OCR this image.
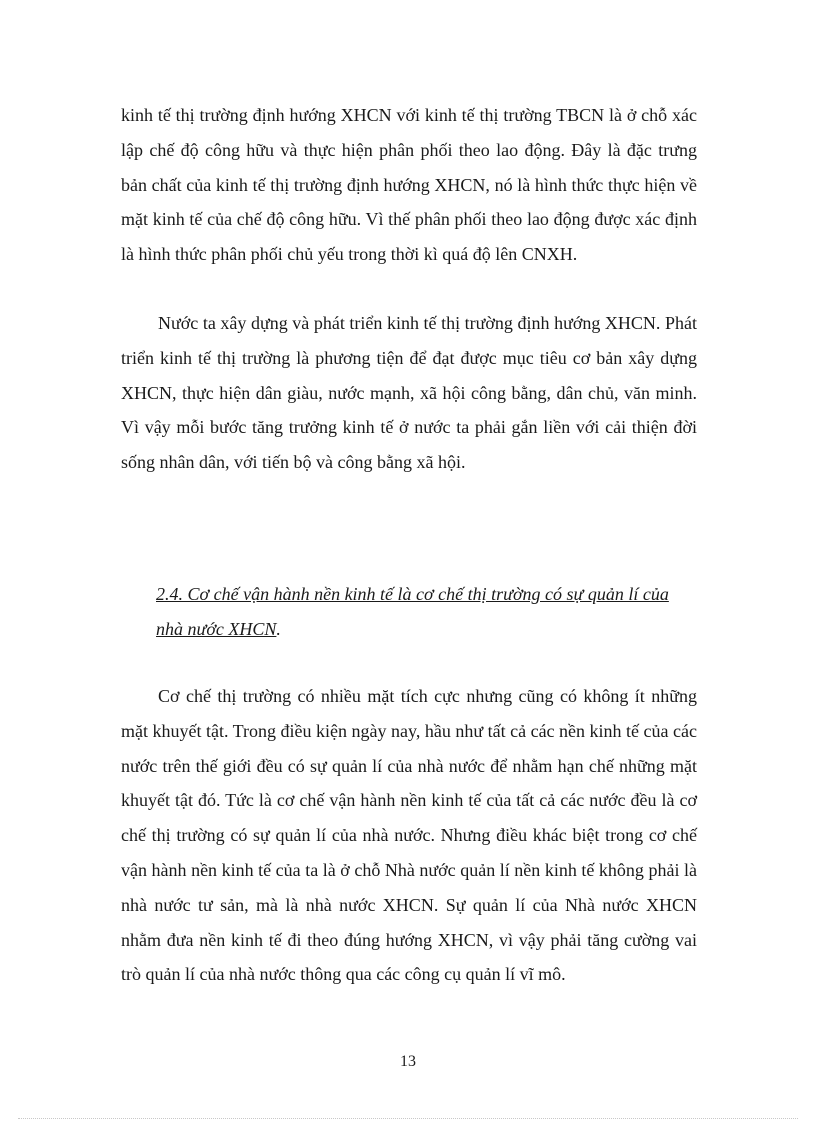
kinh tế thị trường định hướng XHCN với kinh tế thị trường TBCN là ở chỗ xác lập chế độ công hữu và thực hiện phân phối theo lao động. Đây là đặc trưng bản chất của kinh tế thị trường định hướng XHCN, nó là hình thức thực hiện về mặt kinh tế của chế độ công hữu. Vì thế phân phối theo lao động được xác định là hình thức phân phối chủ yếu trong thời kì quá độ lên CNXH.

Nước ta xây dựng và phát triển kinh tế thị trường định hướng XHCN. Phát triển kinh tế thị trường là phương tiện để đạt được mục tiêu cơ bản xây dựng XHCN, thực hiện dân giàu, nước mạnh, xã hội công bằng, dân chủ, văn minh. Vì vậy mỗi bước tăng trưởng kinh tế ở nước ta phải gắn liền với cải thiện đời sống nhân dân, với tiến bộ và công bằng xã hội.

2.4. Cơ chế vận hành nền kinh tế là cơ chế thị trường có sự quản lí của

nhà nước XHCN.

Cơ chế thị trường có nhiều mặt tích cực nhưng cũng có không ít những mặt khuyết tật. Trong điều kiện ngày nay, hầu như tất cả các nền kinh tế của các nước trên thế giới đều có sự quản lí của nhà nước để nhằm hạn chế những mặt khuyết tật đó. Tức là cơ chế vận hành nền kinh tế của tất cả các nước đều là cơ chế thị trường có sự quản lí của nhà nước. Nhưng điều khác biệt trong cơ chế vận hành nền kinh tế của ta là ở chỗ Nhà nước quản lí nền kinh tế không phải là nhà nước tư sản, mà là nhà nước XHCN. Sự quản lí của Nhà nước XHCN nhằm đưa nền kinh tế đi theo đúng hướng XHCN, vì vậy phải tăng cường vai trò quản lí của nhà nước thông qua các công cụ quản lí vĩ mô.

13
